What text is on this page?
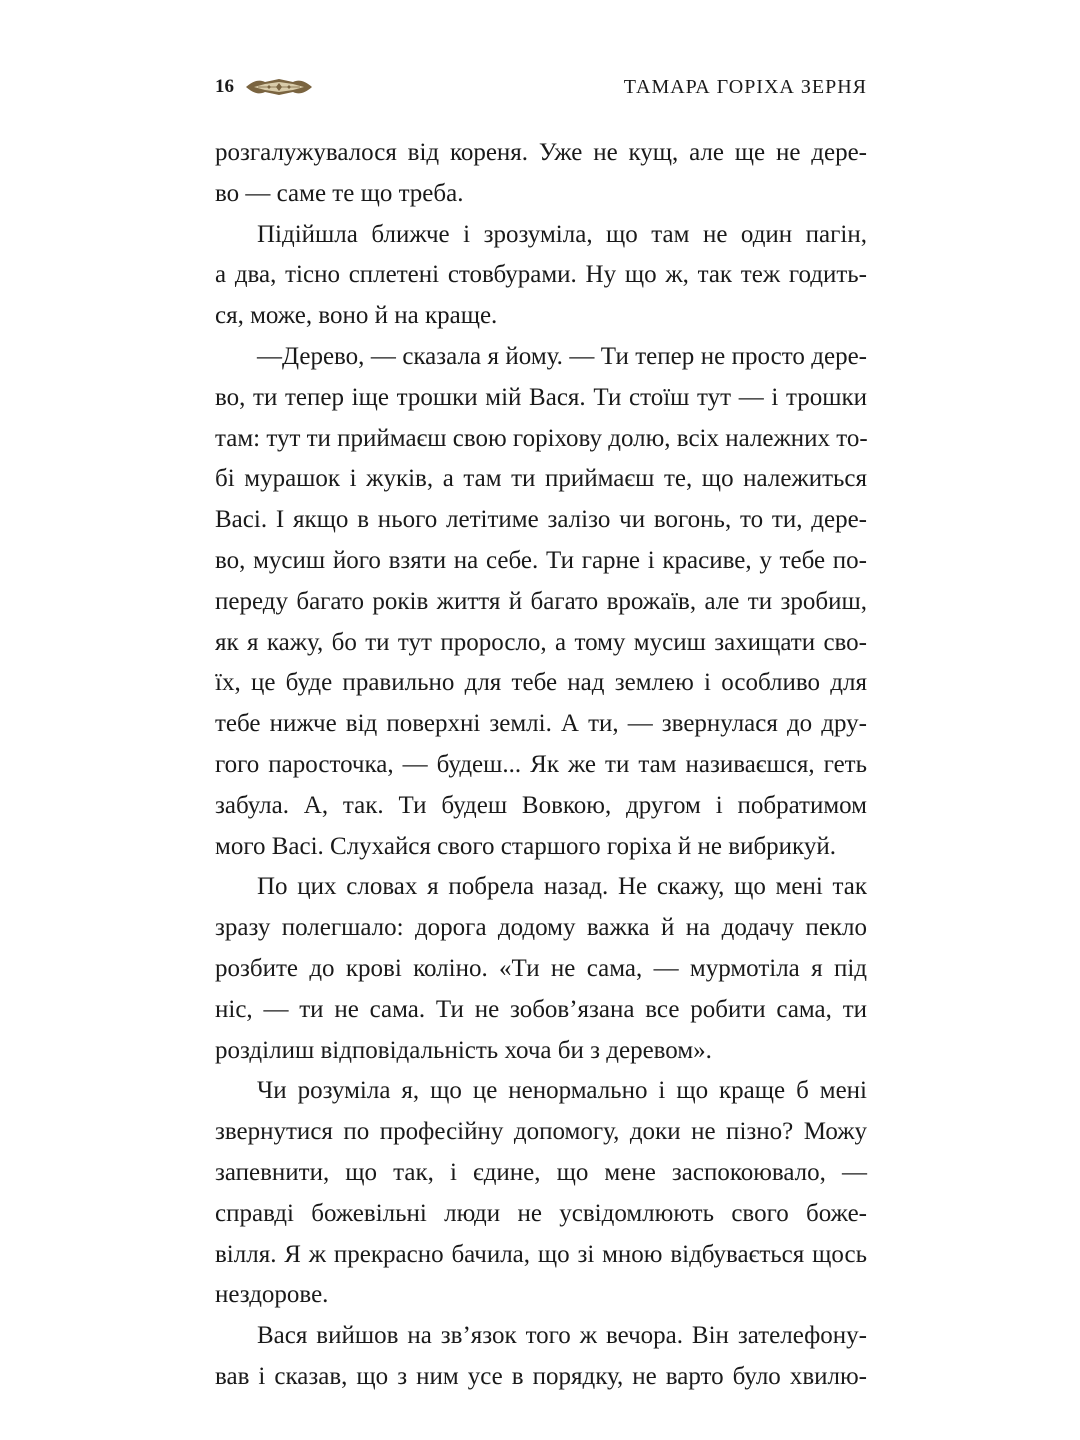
16	ТАМАРА ГОРІХА ЗЕРНЯ
розгалужувалося від кореня. Уже не кущ, але ще не дере-
во — саме те що треба.
Підійшла ближче і зрозуміла, що там не один пагін,
а два, тісно сплетені стовбурами. Ну що ж, так теж годить-
ся, може, воно й на краще.
—Дерево, — сказала я йому. — Ти тепер не просто дере-
во, ти тепер іще трошки мій Вася. Ти стоїш тут — і трошки
там: тут ти приймаєш свою горіхову долю, всіх належних то-
бі мурашок і жуків, а там ти приймаєш те, що належиться
Васі. І якщо в нього летітиме залізо чи вогонь, то ти, дере-
во, мусиш його взяти на себе. Ти гарне і красиве, у тебе по-
переду багато років життя й багато врожаїв, але ти зробиш,
як я кажу, бо ти тут проросло, а тому мусиш захищати сво-
їх, це буде правильно для тебе над землею і особливо для
тебе нижче від поверхні землі. А ти, — звернулася до дру-
гого паросточка, — будеш... Як же ти там називаєшся, геть
забула. А, так. Ти будеш Вовкою, другом і побратимом
мого Васі. Слухайся свого старшого горіха й не вибрикуй.
По цих словах я побрела назад. Не скажу, що мені так
зразу полегшало: дорога додому важка й на додачу пекло
розбите до крові коліно. «Ти не сама, — мурмотіла я під
ніс, — ти не сама. Ти не зобов’язана все робити сама, ти
розділиш відповідальність хоча би з деревом».
Чи розуміла я, що це ненормально і що краще б мені
звернутися по професійну допомогу, доки не пізно? Можу
запевнити, що так, і єдине, що мене заспокоювало, —
справді божевільні люди не усвідомлюють свого боже-
вілля. Я ж прекрасно бачила, що зі мною відбувається щось
нездорове.
Вася вийшов на зв’язок того ж вечора. Він зателефону-
вав і сказав, що з ним усе в порядку, не варто було хвилю-
